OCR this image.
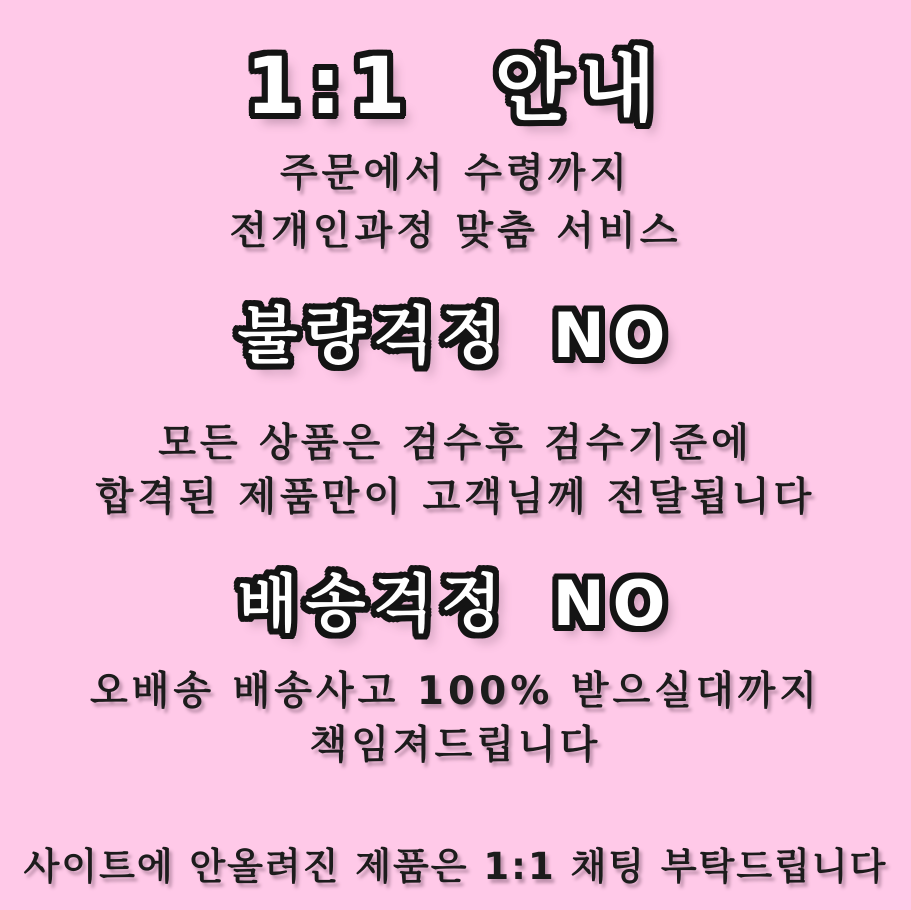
1:1 안내
주문에서 수령까지
전개인과정 맞춤 서비스
불량걱정 NO
모든 상품은 검수후 검수기준에
합격된 제품만이 고객님께 전달됩니다
배송걱정 NO
오배송 배송사고 100% 받으실대까지
책임져드립니다
사이트에 안올려진 제품은 1:1 채팅 부탁드립니다
